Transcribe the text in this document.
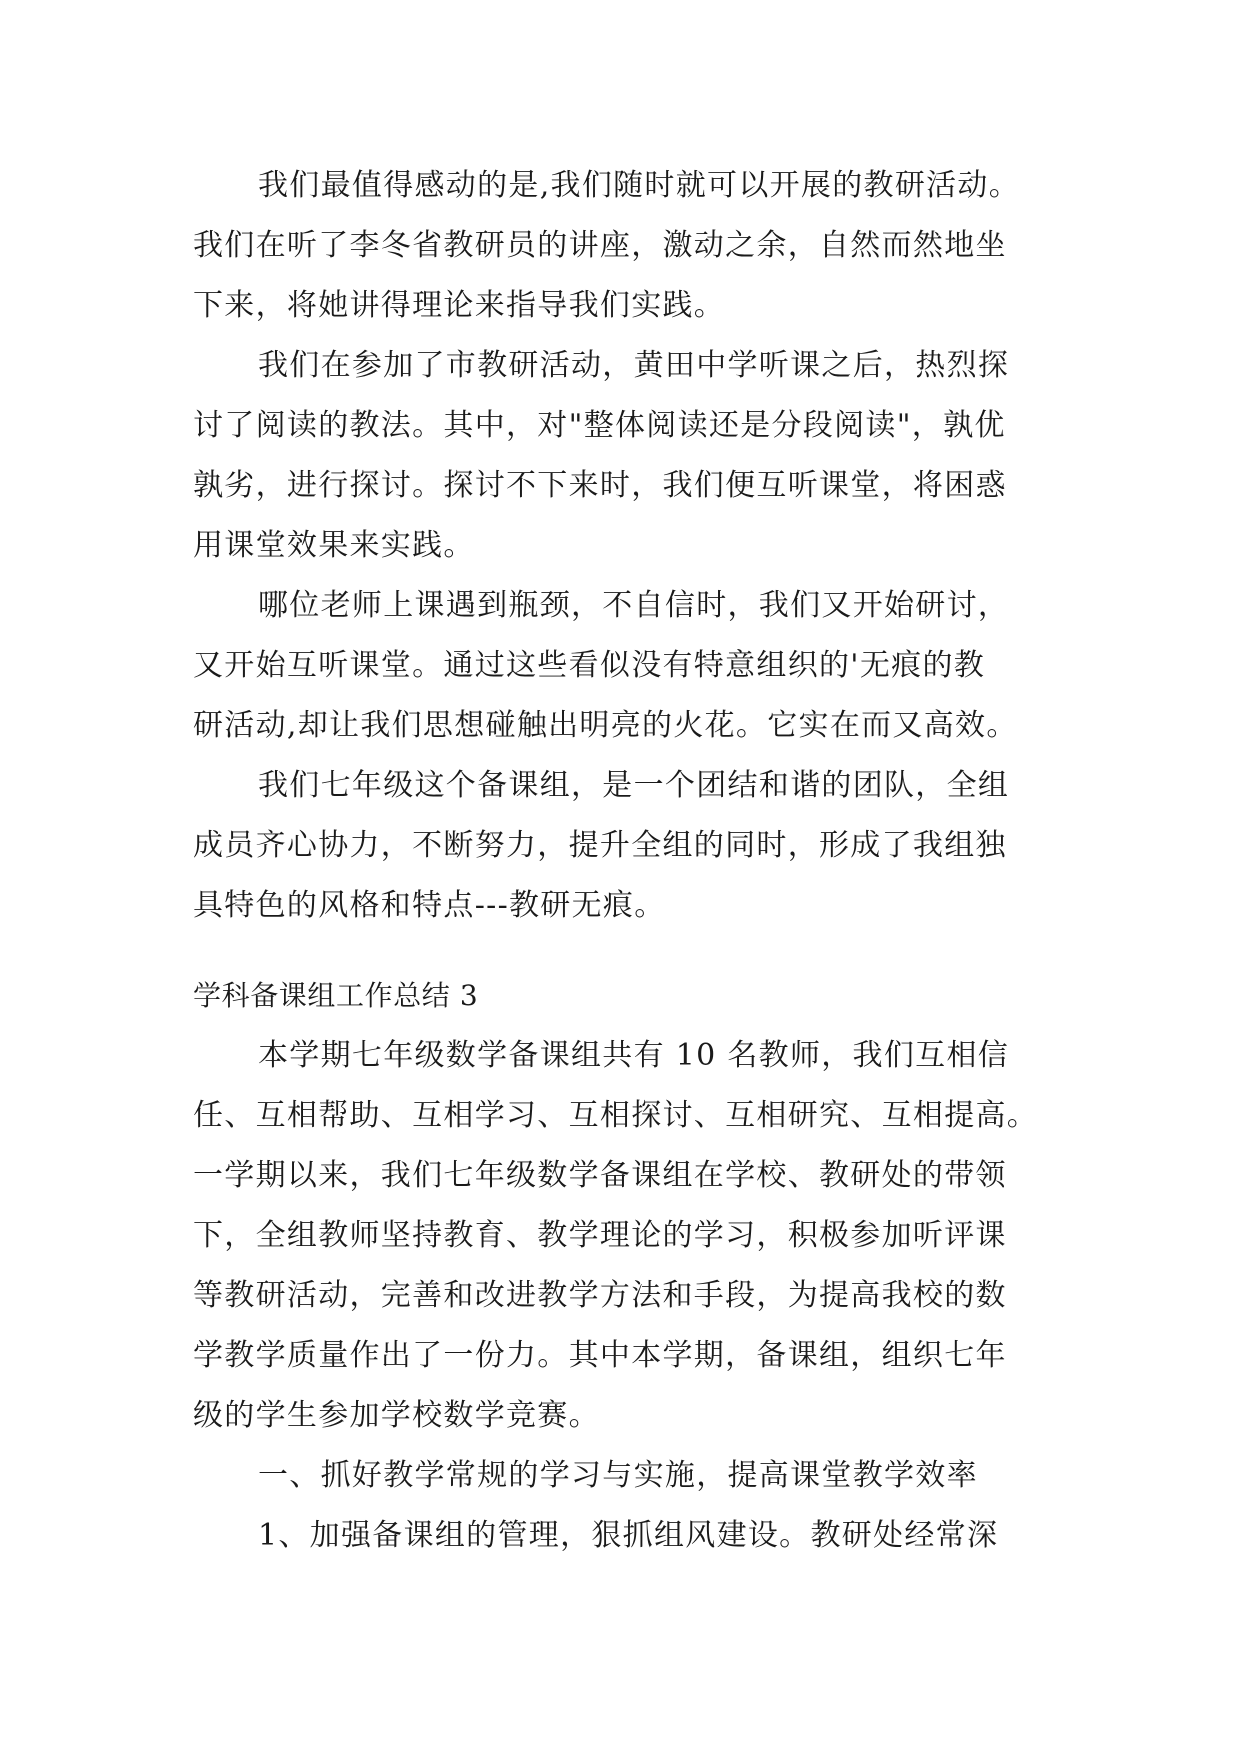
我们最值得感动的是,我们随时就可以开展的教研活动。

我们在听了李冬省教研员的讲座，激动之余，自然而然地坐

下来，将她讲得理论来指导我们实践。

我们在参加了市教研活动，黄田中学听课之后，热烈探

讨了阅读的教法。其中，对"整体阅读还是分段阅读"，孰优

孰劣，进行探讨。探讨不下来时，我们便互听课堂，将困惑

用课堂效果来实践。

哪位老师上课遇到瓶颈，不自信时，我们又开始研讨，

又开始互听课堂。通过这些看似没有特意组织的'无痕的教

研活动,却让我们思想碰触出明亮的火花。它实在而又高效。

我们七年级这个备课组，是一个团结和谐的团队，全组

成员齐心协力，不断努力，提升全组的同时，形成了我组独

具特色的风格和特点---教研无痕。

学科备课组工作总结 3

本学期七年级数学备课组共有 10 名教师，我们互相信

任、互相帮助、互相学习、互相探讨、互相研究、互相提高。

一学期以来，我们七年级数学备课组在学校、教研处的带领

下，全组教师坚持教育、教学理论的学习，积极参加听评课

等教研活动，完善和改进教学方法和手段，为提高我校的数

学教学质量作出了一份力。其中本学期，备课组，组织七年

级的学生参加学校数学竞赛。

一、抓好教学常规的学习与实施，提高课堂教学效率

1、加强备课组的管理，狠抓组风建设。教研处经常深
